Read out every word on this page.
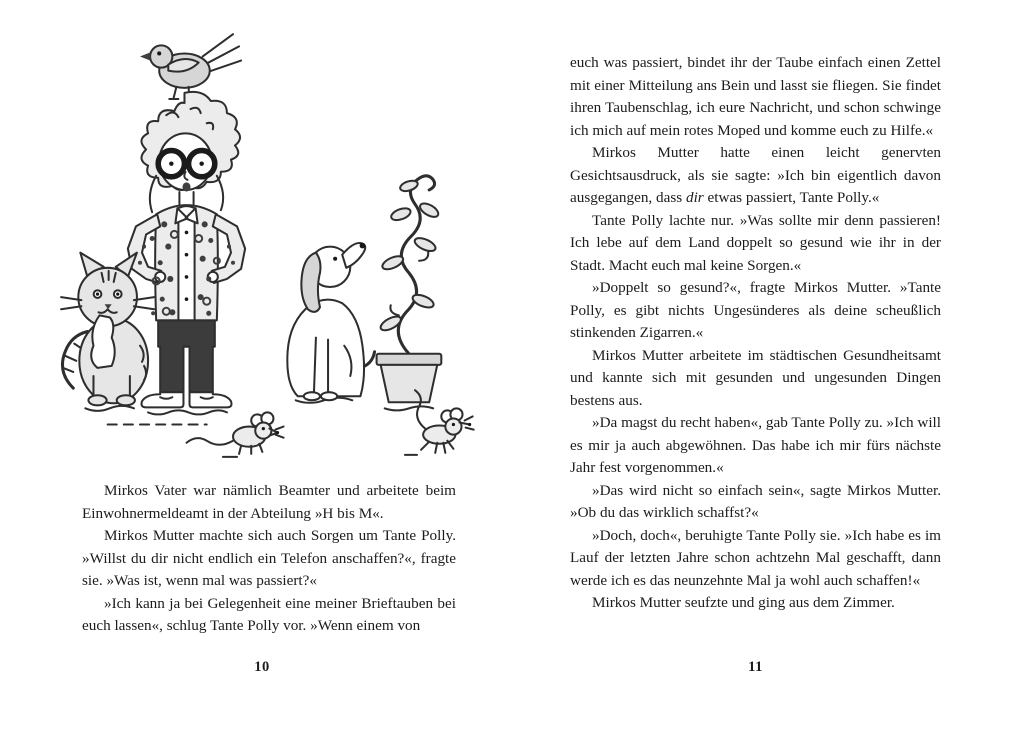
Mirkos Vater war nämlich Beamter und arbeitete beim Einwohnermeldeamt in der Abteilung »H bis M«.

Mirkos Mutter machte sich auch Sorgen um Tante Polly. »Willst du dir nicht endlich ein Telefon anschaffen?«, fragte sie. »Was ist, wenn mal was passiert?«

»Ich kann ja bei Gelegenheit eine meiner Brieftauben bei euch lassen«, schlug Tante Polly vor. »Wenn einem von

10

euch was passiert, bindet ihr der Taube einfach einen Zettel mit einer Mitteilung ans Bein und lasst sie fliegen. Sie findet ihren Taubenschlag, ich eure Nachricht, und schon schwinge ich mich auf mein rotes Moped und komme euch zu Hilfe.«

Mirkos Mutter hatte einen leicht genervten Gesichtsausdruck, als sie sagte: »Ich bin eigentlich davon ausgegangen, dass dir etwas passiert, Tante Polly.«

Tante Polly lachte nur. »Was sollte mir denn passieren! Ich lebe auf dem Land doppelt so gesund wie ihr in der Stadt. Macht euch mal keine Sorgen.«

»Doppelt so gesund?«, fragte Mirkos Mutter. »Tante Polly, es gibt nichts Ungesünderes als deine scheußlich stinkenden Zigarren.«

Mirkos Mutter arbeitete im städtischen Gesundheitsamt und kannte sich mit gesunden und ungesunden Dingen bestens aus.

»Da magst du recht haben«, gab Tante Polly zu. »Ich will es mir ja auch abgewöhnen. Das habe ich mir fürs nächste Jahr fest vorgenommen.«

»Das wird nicht so einfach sein«, sagte Mirkos Mutter. »Ob du das wirklich schaffst?«

»Doch, doch«, beruhigte Tante Polly sie. »Ich habe es im Lauf der letzten Jahre schon achtzehn Mal geschafft, dann werde ich es das neunzehnte Mal ja wohl auch schaffen!«

Mirkos Mutter seufzte und ging aus dem Zimmer.

11
